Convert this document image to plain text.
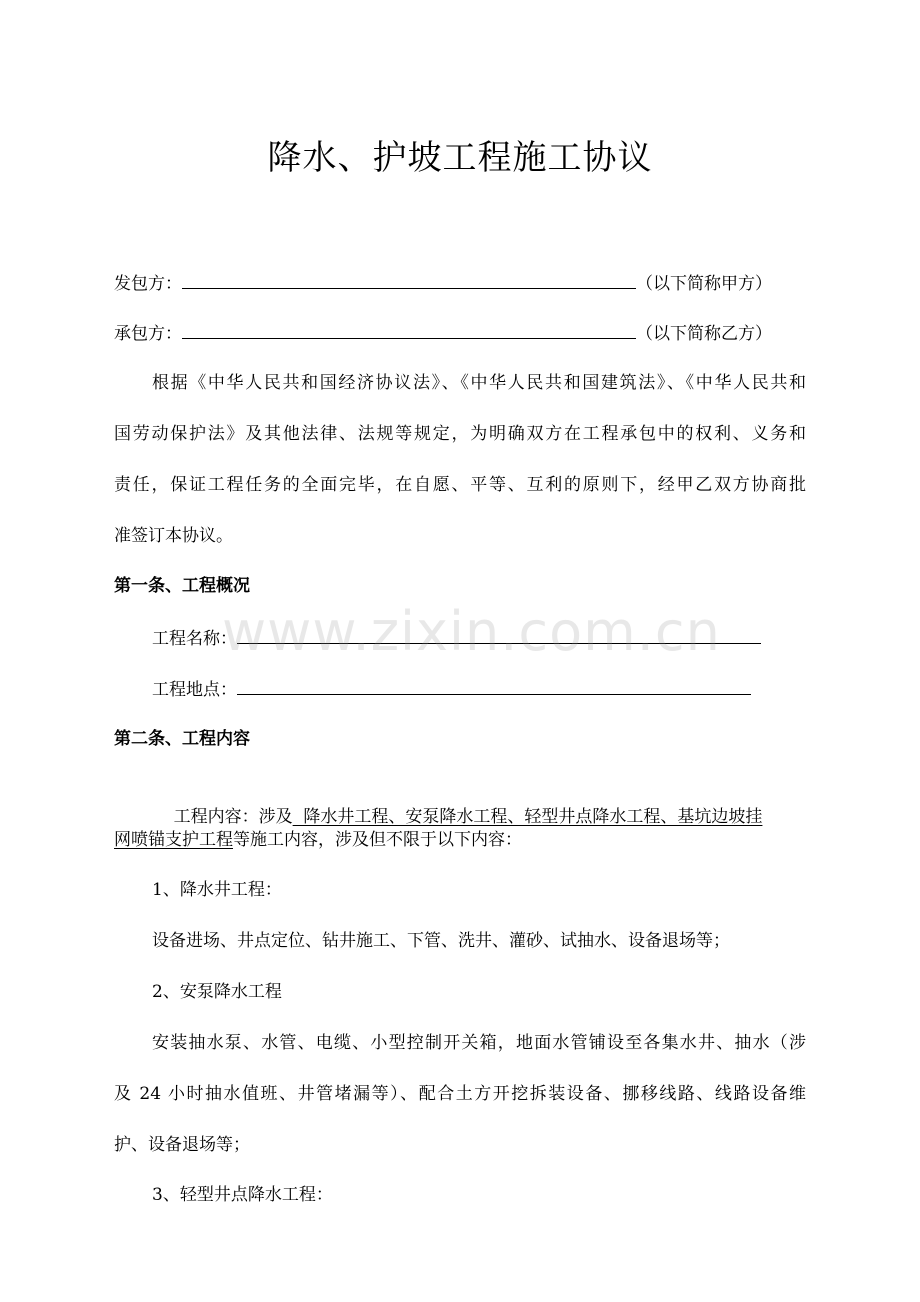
降水、护坡工程施工协议
发包方：	（以下简称甲方）
承包方：	（以下简称乙方）
根据《中华人民共和国经济协议法》、《中华人民共和国建筑法》、《中华人民共和
国劳动保护法》及其他法律、法规等规定，为明确双方在工程承包中的权利、义务和
责任，保证工程任务的全面完毕，在自愿、平等、互利的原则下，经甲乙双方协商批
准签订本协议。
第一条、工程概况
工程名称：
工程地点：
第二条、工程内容

工程内容：涉及  降水井工程、安泵降水工程、轻型井点降水工程、基坑边坡挂

网喷锚支护工程等施工内容，涉及但不限于以下内容：
1、降水井工程：
设备进场、井点定位、钻井施工、下管、洗井、灌砂、试抽水、设备退场等；
2、安泵降水工程
安装抽水泵、水管、电缆、小型控制开关箱，地面水管铺设至各集水井、抽水（涉
及 24 小时抽水值班、井管堵漏等）、配合土方开挖拆装设备、挪移线路、线路设备维
护、设备退场等；
3、轻型井点降水工程：
www.zixin.com.cn
